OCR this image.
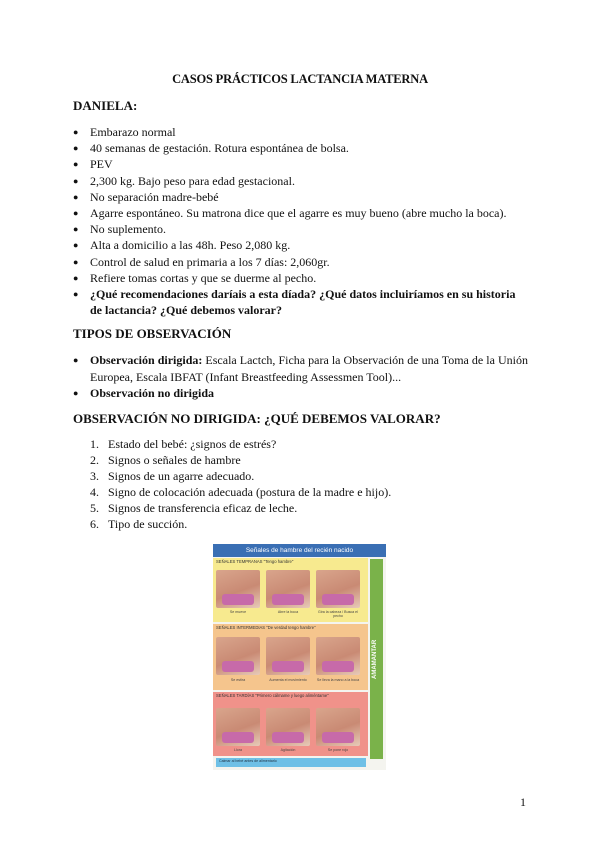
CASOS PRÁCTICOS LACTANCIA MATERNA
DANIELA:
● Embarazo normal
● 40 semanas de gestación. Rotura espontánea de bolsa.
● PEV
● 2,300 kg. Bajo peso para edad gestacional.
● No separación madre-bebé
● Agarre espontáneo. Su matrona dice que el agarre es muy bueno (abre mucho la boca).
● No suplemento.
● Alta a domicilio a las 48h. Peso 2,080 kg.
● Control de salud en primaria a los 7 días: 2,060gr.
● Refiere tomas cortas y que se duerme al pecho.
● ¿Qué recomendaciones daríais a esta díada? ¿Qué datos incluiríamos en su historia de lactancia? ¿Qué debemos valorar?
TIPOS DE OBSERVACIÓN
● Observación dirigida: Escala Lactch, Ficha para la Observación de una Toma de la Unión Europea, Escala IBFAT (Infant Breastfeeding Assessmen Tool)...
● Observación no dirigida
OBSERVACIÓN NO DIRIGIDA: ¿QUÉ DEBEMOS VALORAR?
1. Estado del bebé: ¿signos de estrés?
2. Signos o señales de hambre
3. Signos de un agarre adecuado.
4. Signo de colocación adecuada (postura de la madre e hijo).
5. Signos de transferencia eficaz de leche.
6. Tipo de succión.
Señales de hambre del recién nacido
SEÑALES TEMPRANAS "Tengo hambre"
Se mueve	Abre la boca	Gira la cabeza / Busca el pecho
SEÑALES INTERMEDIAS "De verdad tengo hambre"
Se estira	Aumenta el movimiento	Se lleva la mano a la boca
SEÑALES TARDÍAS "Primero cálmame y luego aliméntame"
Llora	Agitación	Se pone rojo
AMAMANTAR
Calmar al bebé antes de alimentarlo
1
